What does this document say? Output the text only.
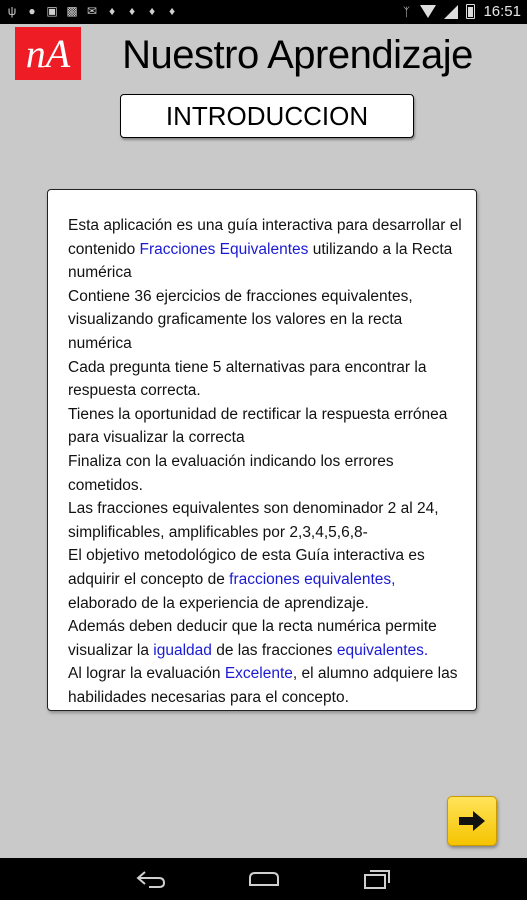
ψ ● ▣ ▩ ✉ ♦ ♦ ♦ ♦	ᛉ	16:51
nA	Nuestro Aprendizaje
INTRODUCCION
Esta aplicación es una guía interactiva para desarrollar el contenido Fracciones Equivalentes utilizando a la Recta numérica
Contiene 36 ejercicios de fracciones equivalentes, visualizando graficamente los valores en la recta numérica
Cada pregunta tiene 5 alternativas para encontrar la respuesta correcta.
Tienes la oportunidad de rectificar la respuesta errónea para visualizar la correcta
Finaliza con la evaluación indicando los errores cometidos.
Las fracciones equivalentes son denominador 2 al 24, simplificables, amplificables por 2,3,4,5,6,8-
El objetivo metodológico de esta Guía interactiva es adquirir el concepto de fracciones equivalentes, elaborado de la experiencia de aprendizaje.
Además deben deducir que la recta numérica permite visualizar la igualdad de las fracciones equivalentes.
Al lograr la evaluación Excelente, el alumno adquiere las habilidades necesarias para el concepto.
